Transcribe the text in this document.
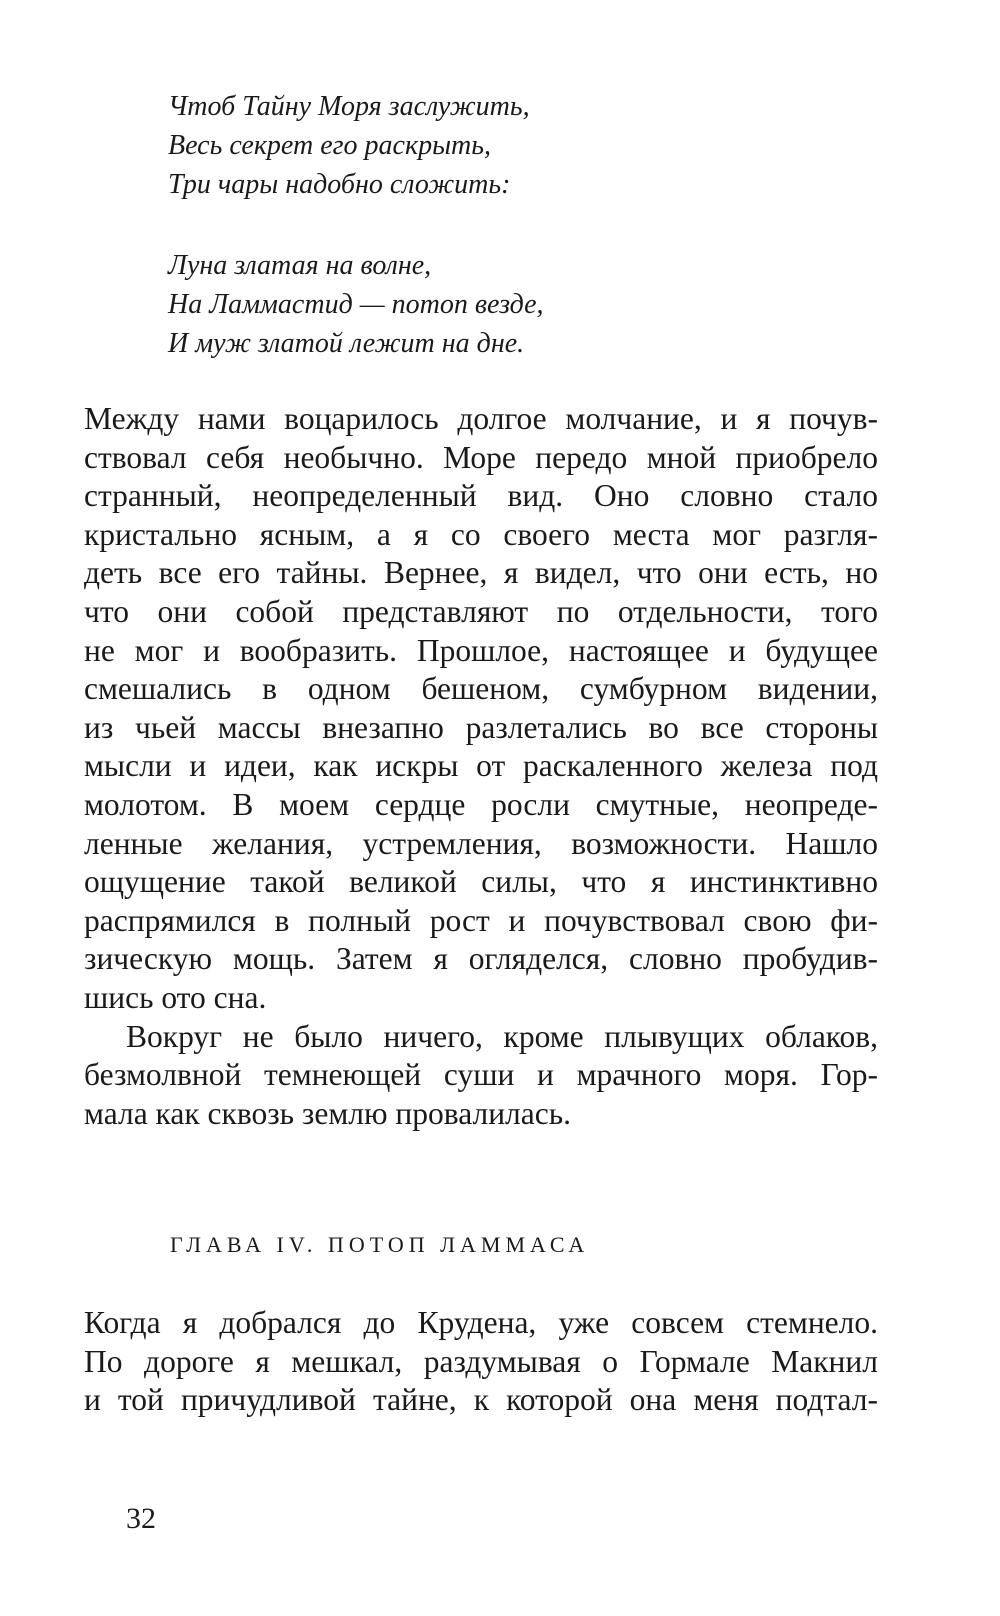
Чтоб Тайну Моря заслужить,
Весь секрет его раскрыть,
Три чары надобно сложить:
Луна златая на волне,
На Ламмастид — потоп везде,
И муж златой лежит на дне.
Между нами воцарилось долгое молчание, и я почув-
ствовал себя необычно. Море передо мной приобрело
странный, неопределенный вид. Оно словно стало
кристально ясным, а я со своего места мог разгля-
деть все его тайны. Вернее, я видел, что они есть, но
что они собой представляют по отдельности, того
не мог и вообразить. Прошлое, настоящее и будущее
смешались в одном бешеном, сумбурном видении,
из чьей массы внезапно разлетались во все стороны
мысли и идеи, как искры от раскаленного железа под
молотом. В моем сердце росли смутные, неопреде-
ленные желания, устремления, возможности. Нашло
ощущение такой великой силы, что я инстинктивно
распрямился в полный рост и почувствовал свою фи-
зическую мощь. Затем я огляделся, словно пробудив-
шись ото сна.
Вокруг не было ничего, кроме плывущих облаков,
безмолвной темнеющей суши и мрачного моря. Гор-
мала как сквозь землю провалилась.
ГЛАВА IV. ПОТОП ЛАММАСА
Когда я добрался до Крудена, уже совсем стемнело.
По дороге я мешкал, раздумывая о Гормале Макнил
и той причудливой тайне, к которой она меня подтал-
32
